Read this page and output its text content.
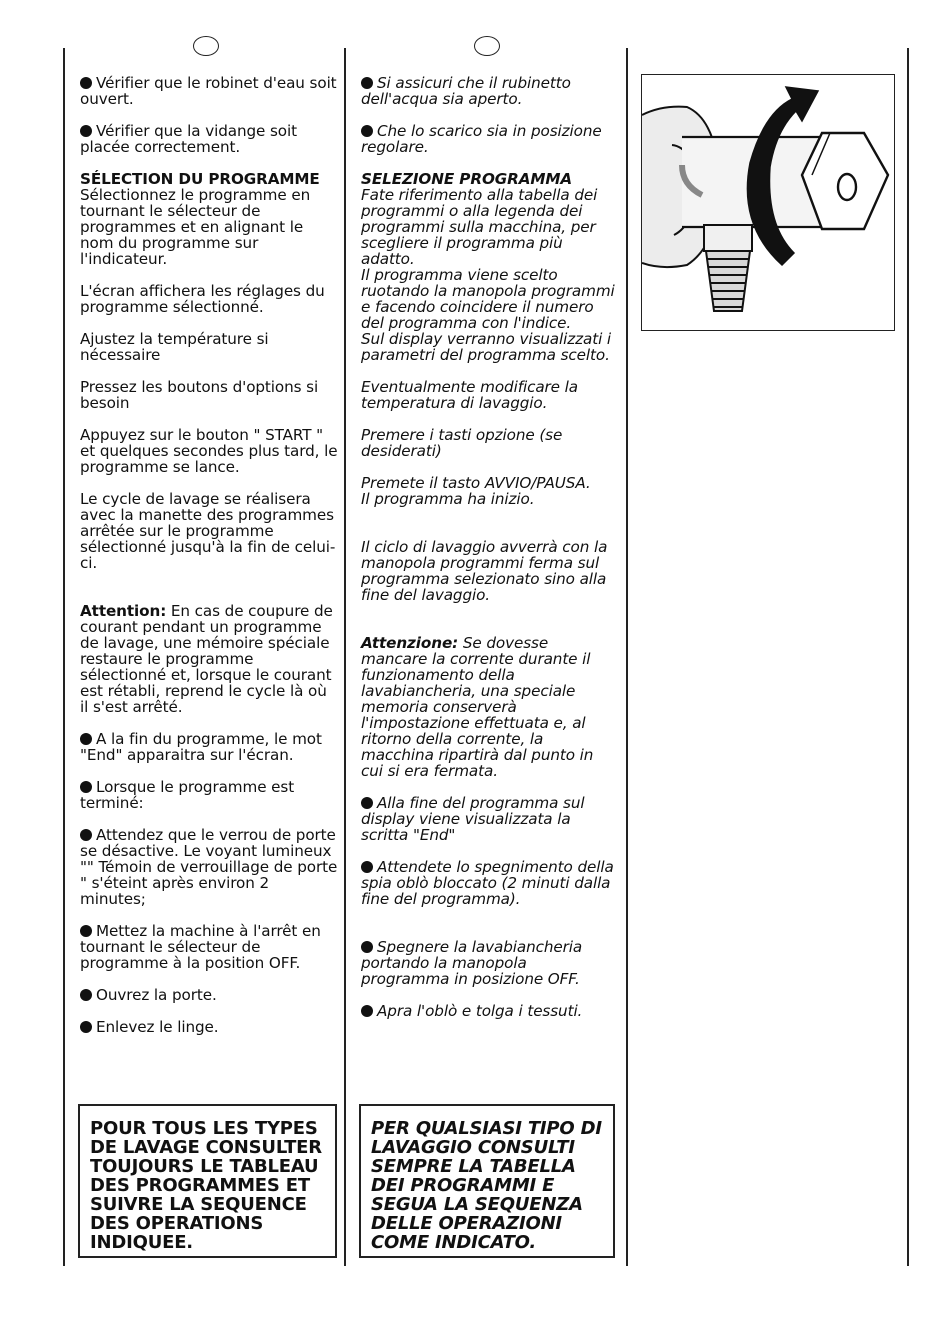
Vérifier que le robinet d'eau soit ouvert.

Vérifier que la vidange soit placée correctement.

SÉLECTION DU PROGRAMME
Sélectionnez le programme en tournant le sélecteur de programmes et en alignant le nom du programme sur l'indicateur.

L'écran affichera les réglages du programme sélectionné.

Ajustez la température si nécessaire

Pressez les boutons d'options si besoin

Appuyez sur le bouton " START " et quelques secondes plus tard, le programme se lance.

Le cycle de lavage se réalisera avec la manette des programmes arrêtée sur le programme sélectionné jusqu'à la fin de celui-ci.

Attention: En cas de coupure de courant pendant un programme de lavage, une mémoire spéciale restaure le programme sélectionné et, lorsque le courant est rétabli, reprend le cycle là où il s'est arrêté.

A la fin du programme, le mot "End" apparaitra sur l'écran.

Lorsque le programme est terminé:

Attendez que le verrou de porte se désactive. Le voyant lumineux "" Témoin de verrouillage de porte " s'éteint après environ 2 minutes;

Mettez la machine à l'arrêt en tournant le sélecteur de programme à la position OFF.

Ouvrez la porte.

Enlevez le linge.

Si assicuri che il rubinetto dell'acqua sia aperto.

Che lo scarico sia in posizione regolare.

SELEZIONE PROGRAMMA
Fate riferimento alla tabella dei programmi o alla legenda dei programmi sulla macchina, per scegliere il programma più adatto.
Il programma viene scelto ruotando la manopola programmi e facendo coincidere il numero del programma con l'indice.
Sul display verranno visualizzati i parametri del programma scelto.

Eventualmente modificare la temperatura di lavaggio.

Premere i tasti opzione (se desiderati)

Premete il tasto AVVIO/PAUSA.
Il programma ha inizio.

Il ciclo di lavaggio avverrà con la manopola programmi ferma sul programma selezionato sino alla fine del lavaggio.

Attenzione: Se dovesse mancare la corrente durante il funzionamento della lavabiancheria, una speciale memoria conserverà l'impostazione effettuata e, al ritorno della corrente, la macchina ripartirà dal punto in cui si era fermata.

Alla fine del programma sul display viene visualizzata la scritta "End"

Attendete lo spegnimento della spia oblò bloccato (2 minuti dalla fine del programma).

Spegnere la lavabiancheria portando la manopola programma in posizione OFF.

Apra l'oblò e tolga i tessuti.

POUR TOUS LES TYPES DE LAVAGE CONSULTER TOUJOURS LE TABLEAU DES PROGRAMMES ET SUIVRE LA SEQUENCE DES OPERATIONS INDIQUEE.
PER QUALSIASI TIPO DI LAVAGGIO CONSULTI SEMPRE LA TABELLA DEI PROGRAMMI E SEGUA LA SEQUENZA DELLE OPERAZIONI COME INDICATO.
